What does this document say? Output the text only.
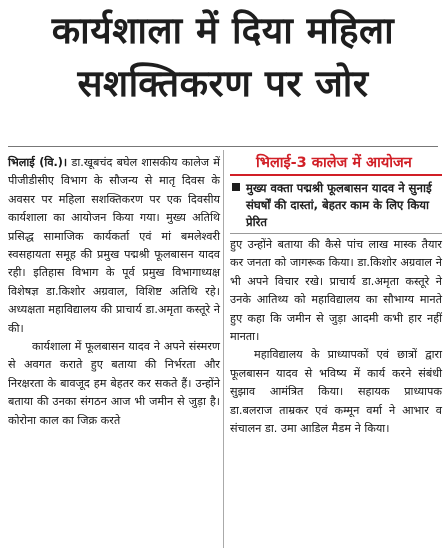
कार्यशाला में दिया महिला
सशक्तिकरण पर जोर

भिलाई (वि.)। डा.खूबचंद बघेल शासकीय कालेज में पीजीडीसीए विभाग के सौजन्य से मातृ दिवस के अवसर पर महिला सशक्तिकरण पर एक दिवसीय कार्यशाला का आयोजन किया गया। मुख्य अतिथि प्रसिद्ध सामाजिक कार्यकर्ता एवं मां बमलेश्वरी स्वसहायता समूह की प्रमुख पद्मश्री फूलबासन यादव रही। इतिहास विभाग के पूर्व प्रमुख विभागाध्यक्ष विशेषज्ञ डा.किशोर अग्रवाल, विशिष्ट अतिथि रहे। अध्यक्षता महाविद्यालय की प्राचार्य डा.अमृता कस्तूरे ने की।

कार्यशाला में फूलबासन यादव ने अपने संस्मरण से अवगत कराते हुए बताया की निर्भरता और निरक्षरता के बावजूद हम बेहतर कर सकते हैं। उन्होंने बताया की उनका संगठन आज भी जमीन से जुड़ा है। कोरोना काल का जिक्र करते

भिलाई-3 कालेज में आयोजन
मुख्य वक्ता पद्मश्री फूलबासन यादव ने सुनाई संघर्षों की दास्तां, बेहतर काम के लिए किया प्रेरित

हुए उन्होंने बताया की कैसे पांच लाख मास्क तैयार कर जनता को जागरूक किया। डा.किशोर अग्रवाल ने भी अपने विचार रखे। प्राचार्य डा.अमृता कस्तूरे ने उनके आतिथ्य को महाविद्यालय का सौभाग्य मानते हुए कहा कि जमीन से जुड़ा आदमी कभी हार नहीं मानता।

महाविद्यालय के प्राध्यापकों एवं छात्रों द्वारा फूलबासन यादव से भविष्य में कार्य करने संबंधी सुझाव आमंत्रित किया। सहायक प्राध्यापक डा.बलराज ताम्रकर एवं कम्मून वर्मा ने आभार व संचालन डा. उमा आडिल मैडम ने किया।
